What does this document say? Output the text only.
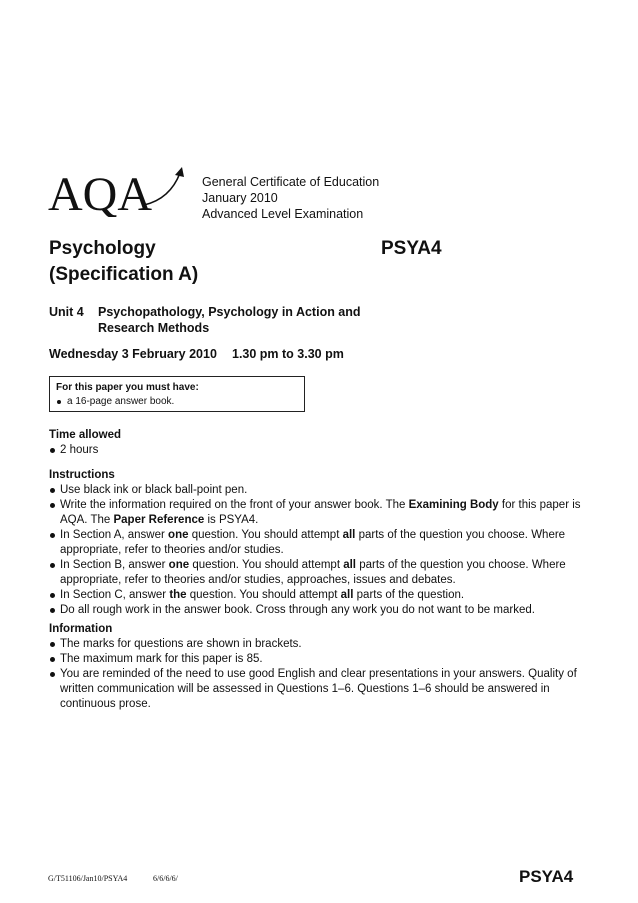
AQA	General Certificate of Education
January 2010
Advanced Level Examination
Psychology
(Specification A)
PSYA4
Unit 4 Psychopathology, Psychology in Action and Research Methods
Wednesday 3 February 2010 1.30 pm to 3.30 pm
For this paper you must have:
a 16-page answer book.
Time allowed
2 hours
Instructions
Use black ink or black ball-point pen.
Write the information required on the front of your answer book. The Examining Body for this paper is AQA. The Paper Reference is PSYA4.
In Section A, answer one question. You should attempt all parts of the question you choose. Where appropriate, refer to theories and/or studies.
In Section B, answer one question. You should attempt all parts of the question you choose. Where appropriate, refer to theories and/or studies, approaches, issues and debates.
In Section C, answer the question. You should attempt all parts of the question.
Do all rough work in the answer book. Cross through any work you do not want to be marked.
Information
The marks for questions are shown in brackets.
The maximum mark for this paper is 85.
You are reminded of the need to use good English and clear presentations in your answers. Quality of written communication will be assessed in Questions 1–6. Questions 1–6 should be answered in continuous prose.
G/T51106/Jan10/PSYA4	6/6/6/6/	PSYA4
